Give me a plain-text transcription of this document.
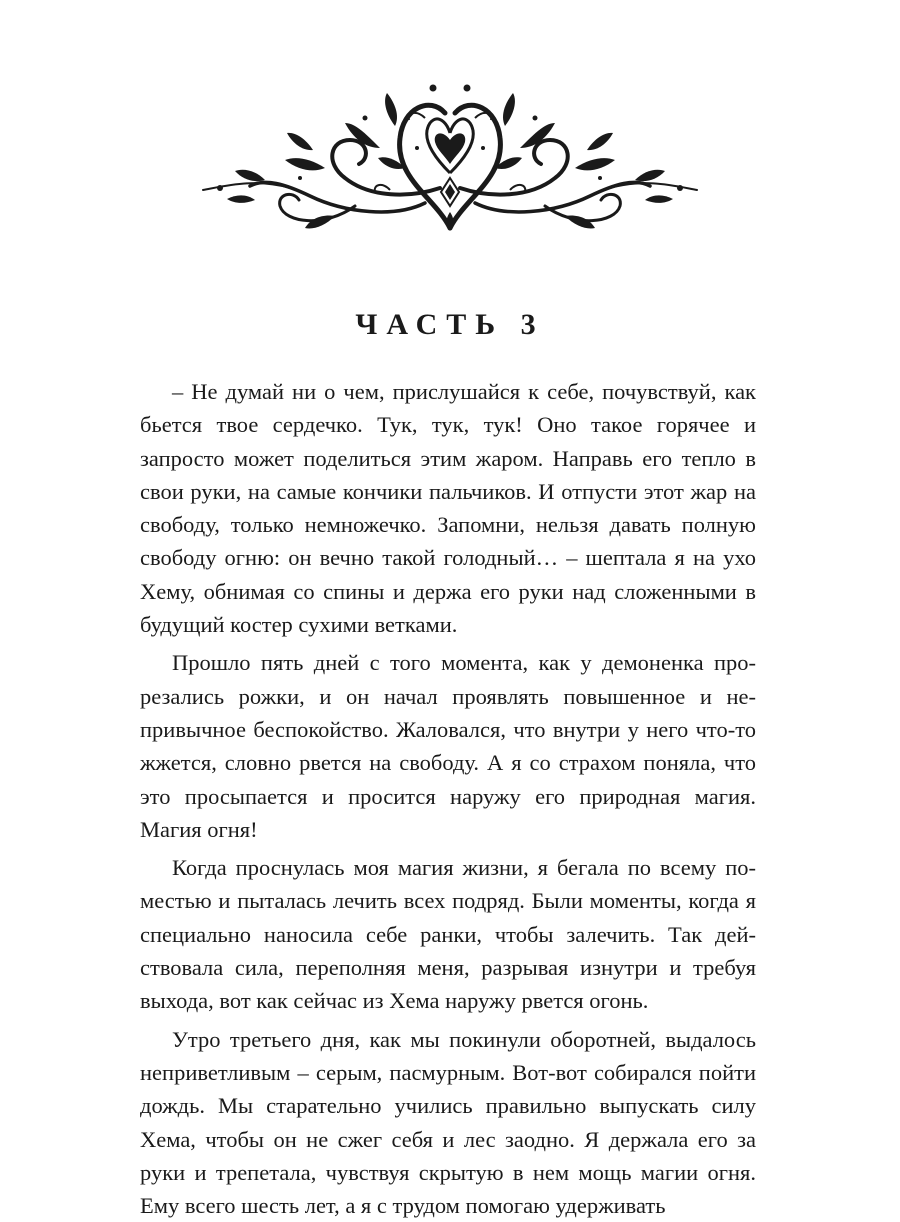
ЧАСТЬ 3

– Не думай ни о чем, прислушайся к себе, почувствуй, как бьется твое сердечко. Тук, тук, тук! Оно такое горячее и запросто может поделиться этим жаром. Направь его тепло в свои руки, на самые кончики пальчиков. И отпусти этот жар на свободу, только немножечко. Запомни, нельзя давать полную свободу огню: он вечно такой голодный… – шептала я на ухо Хему, обнимая со спины и держа его руки над сложенными в будущий костер сухими ветками.

Прошло пять дней с того момента, как у демоненка прорезались рожки, и он начал проявлять повышенное и непривычное беспокойство. Жаловался, что внутри у него что-то жжется, словно рвется на свободу. А я со страхом поняла, что это просыпается и просится наружу его природная магия. Магия огня!

Когда проснулась моя магия жизни, я бегала по всему поместью и пыталась лечить всех подряд. Были моменты, когда я специально наносила себе ранки, чтобы залечить. Так действовала сила, переполняя меня, разрывая изнутри и требуя выхода, вот как сейчас из Хема наружу рвется огонь.

Утро третьего дня, как мы покинули оборотней, выдалось неприветливым – серым, пасмурным. Вот-вот собирался пойти дождь. Мы старательно учились правильно выпускать силу Хема, чтобы он не сжег себя и лес заодно. Я держала его за руки и трепетала, чувствуя скрытую в нем мощь магии огня. Ему всего шесть лет, а я с трудом помогаю удерживать
